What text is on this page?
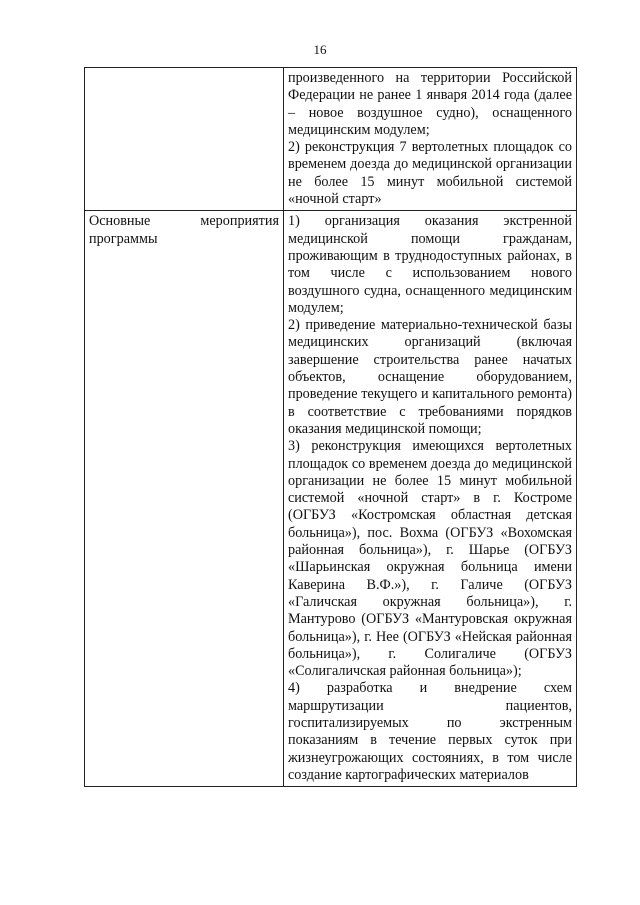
16

	произведенного на территории Российской Федерации не ранее 1 января 2014 года (далее – новое воздушное судно), оснащенного медицинским модулем;
2) реконструкция 7 вертолетных площадок со временем доезда до медицинской организации не более 15 минут мобильной системой «ночной старт»

Основные мероприятия программы	1) организация оказания экстренной медицинской помощи гражданам, проживающим в труднодоступных районах, в том числе с использованием нового воздушного судна, оснащенного медицинским модулем;
2) приведение материально-технической базы медицинских организаций (включая завершение строительства ранее начатых объектов, оснащение оборудованием, проведение текущего и капитального ремонта) в соответствие с требованиями порядков оказания медицинской помощи;
3) реконструкция имеющихся вертолетных площадок со временем доезда до медицинской организации не более 15 минут мобильной системой «ночной старт» в г. Костроме (ОГБУЗ «Костромская областная детская больница»), пос. Вохма (ОГБУЗ «Вохомская районная больница»), г. Шарье (ОГБУЗ «Шарьинская окружная больница имени Каверина В.Ф.»), г. Галиче (ОГБУЗ «Галичская окружная больница»), г. Мантурово (ОГБУЗ «Мантуровская окружная больница»), г. Нее (ОГБУЗ «Нейская районная больница»), г. Солигаличе (ОГБУЗ «Солигаличская районная больница»);
4) разработка и внедрение схем маршрутизации пациентов, госпитализируемых по экстренным показаниям в течение первых суток при жизнеугрожающих состояниях, в том числе создание картографических материалов
